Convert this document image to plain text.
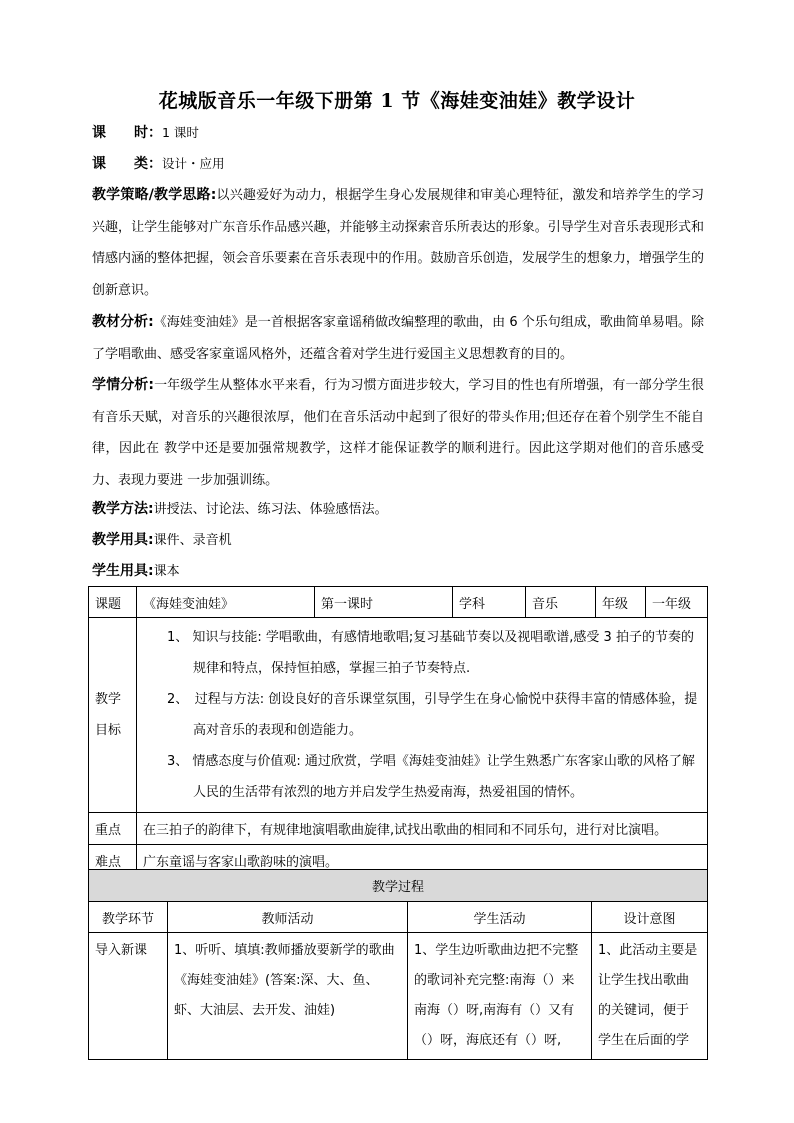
花城版音乐一年级下册第 1 节《海娃变油娃》教学设计
课　　时：1 课时
课　　类：设计・应用
教学策略/教学思路:以兴趣爱好为动力，根据学生身心发展规律和审美心理特征，激发和培养学生的学习兴趣，让学生能够对广东音乐作品感兴趣，并能够主动探索音乐所表达的形象。引导学生对音乐表现形式和情感内涵的整体把握，领会音乐要素在音乐表现中的作用。鼓励音乐创造，发展学生的想象力，增强学生的创新意识。
教材分析:《海娃变油娃》是一首根据客家童谣稍做改编整理的歌曲，由 6 个乐句组成，歌曲简单易唱。除了学唱歌曲、感受客家童谣风格外，还蕴含着对学生进行爱国主义思想教育的目的。
学情分析:一年级学生从整体水平来看，行为习惯方面进步较大，学习目的性也有所增强，有一部分学生很有音乐天赋，对音乐的兴趣很浓厚，他们在音乐活动中起到了很好的带头作用;但还存在着个别学生不能自律，因此在 教学中还是要加强常规教学，这样才能保证教学的顺利进行。因此这学期对他们的音乐感受力、表现力要进 一步加强训练。
教学方法:讲授法、讨论法、练习法、体验感悟法。
教学用具:课件、录音机
学生用具:课本
课题	《海娃变油娃》	第一课时	学科	音乐	年级	一年级
教学目标	1、 知识与技能: 学唱歌曲，有感情地歌唱;复习基础节奏以及视唱歌谱,感受 3 拍子的节奏的规律和特点，保持恒拍感，掌握三拍子节奏特点.
2、　过程与方法: 创设良好的音乐课堂氛围，引导学生在身心愉悦中获得丰富的情感体验，提高对音乐的表现和创造能力。
3、 情感态度与价值观: 通过欣赏，学唱《海娃变油娃》让学生熟悉广东客家山歌的风格了解人民的生活带有浓烈的地方并启发学生热爱南海，热爱祖国的情怀。					

重点	在三拍子的韵律下，有规律地演唱歌曲旋律,试找出歌曲的相同和不同乐句，进行对比演唱。					
难点	广东童谣与客家山歌韵味的演唱。					
教学过程			
教学环节	教师活动	学生活动	设计意图
导入新课	1、听听、填填:教师播放要新学的歌曲《海娃变油娃》(答案:深、大、鱼、虾、大油层、去开发、油娃)	1、学生边听歌曲边把不完整的歌词补充完整:南海（）来南海（）呀,南海有（）又有（）呀，海底还有（）呀,	1、此活动主要是让学生找出歌曲的关键词，便于学生在后面的学
